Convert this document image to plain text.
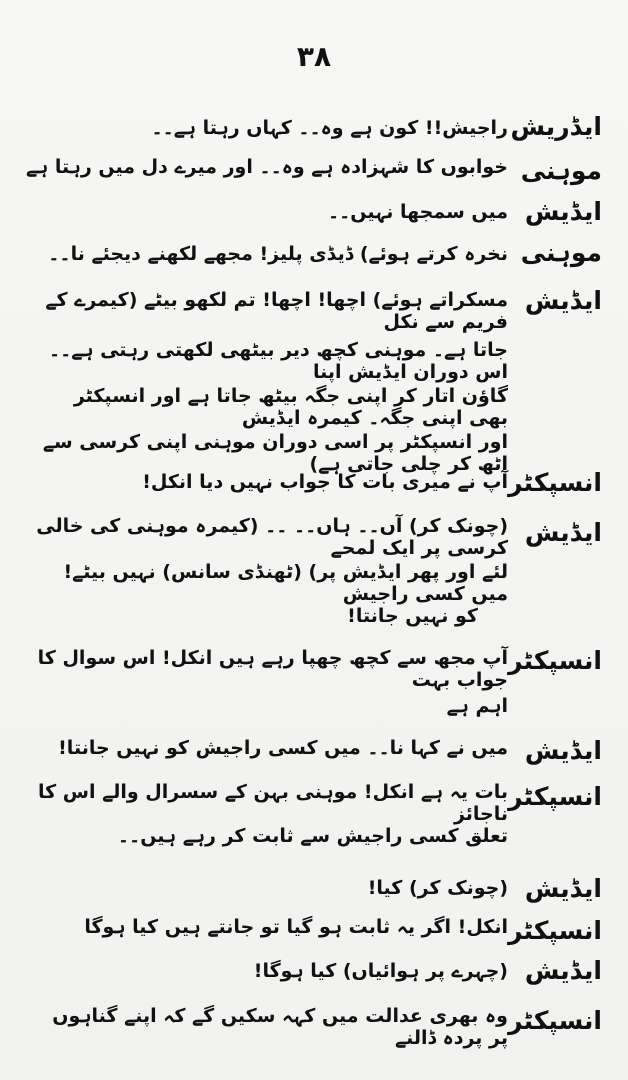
۳۸
ایڈریش
راجیش!! کون ہے وہ۔۔ کہاں رہتا ہے۔۔
موہنی
خوابوں کا شہزادہ ہے وہ۔۔ اور میرے دل میں رہتا ہے
ایڈیش
میں سمجھا نہیں۔۔
موہنی
نخرہ کرتے ہوئے) ڈیڈی پلیز! مجھے لکھنے دیجئے نا۔۔
ایڈیش
مسکراتے ہوئے) اچھا! اچھا! تم لکھو بیٹے (کیمرے کے فریم سے نکل
جاتا ہے۔ موہنی کچھ دیر بیٹھی لکھتی رہتی ہے۔۔ اس دوران ایڈیش اپنا
گاؤن اتار کر اپنی جگہ بیٹھ جاتا ہے اور انسپکٹر بھی اپنی جگہ۔ کیمرہ ایڈیش
اور انسپکٹر پر اسی دوران موہنی اپنی کرسی سے اٹھ کر چلی جاتی ہے)
انسپکٹر
آپ نے میری بات کا جواب نہیں دیا انکل!
ایڈیش
(چونک کر) آں۔۔ ہاں۔۔ ۔۔ (کیمرہ موہنی کی خالی کرسی پر ایک لمحے
لئے اور پھر ایڈیش پر) (ٹھنڈی سانس) نہیں بیٹے! میں کسی راجیش
کو نہیں جانتا!
انسپکٹر
آپ مجھ سے کچھ چھپا رہے ہیں انکل! اس سوال کا جواب بہت
اہم ہے
ایڈیش
میں نے کہا نا۔۔ میں کسی راجیش کو نہیں جانتا!
انسپکٹر
بات یہ ہے انکل! موہنی بہن کے سسرال والے اس کا ناجائز
تعلق کسی راجیش سے ثابت کر رہے ہیں۔۔
ایڈیش
(چونک کر) کیا!
انسپکٹر
انکل! اگر یہ ثابت ہو گیا تو جانتے ہیں کیا ہوگا
ایڈیش
(چہرے پر ہوائیاں) کیا ہوگا!
انسپکٹر
وہ بھری عدالت میں کہہ سکیں گے کہ اپنے گناہوں پر پردہ ڈالنے
